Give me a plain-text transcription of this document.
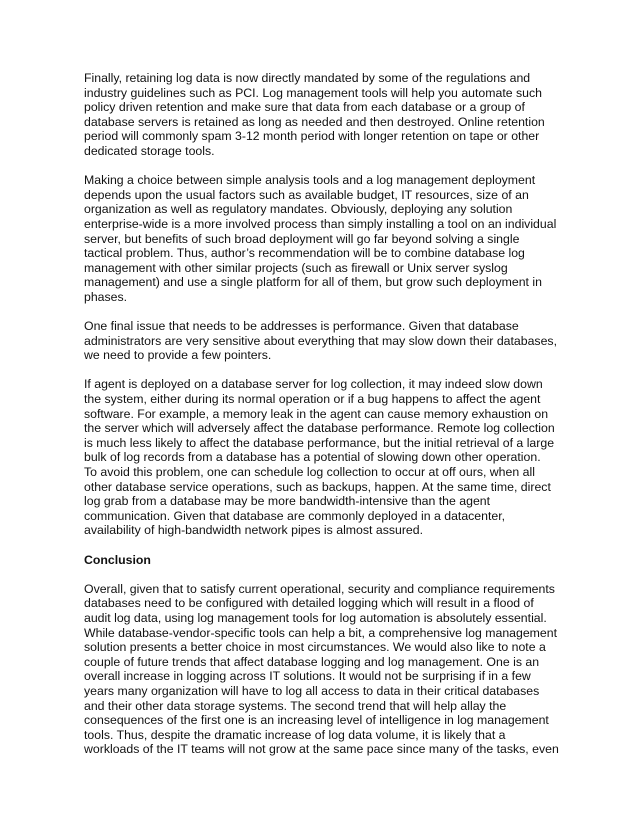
Finally, retaining log data is now directly mandated by some of the regulations and
industry guidelines such as PCI. Log management tools will help you automate such
policy driven retention and make sure that data from each database or a group of
database servers is retained as long as needed and then destroyed. Online retention
period will commonly spam 3-12 month period with longer retention on tape or other
dedicated storage tools.

Making a choice between simple analysis tools and a log management deployment
depends upon the usual factors such as available budget, IT resources, size of an
organization as well as regulatory mandates. Obviously, deploying any solution
enterprise-wide is a more involved process than simply installing a tool on an individual
server, but benefits of such broad deployment will go far beyond solving a single
tactical problem. Thus, author’s recommendation will be to combine database log
management with other similar projects (such as firewall or Unix server syslog
management) and use a single platform for all of them, but grow such deployment in
phases.

One final issue that needs to be addresses is performance. Given that database
administrators are very sensitive about everything that may slow down their databases,
we need to provide a few pointers.

If agent is deployed on a database server for log collection, it may indeed slow down
the system, either during its normal operation or if a bug happens to affect the agent
software. For example, a memory leak in the agent can cause memory exhaustion on
the server which will adversely affect the database performance. Remote log collection
is much less likely to affect the database performance, but the initial retrieval of a large
bulk of log records from a database has a potential of slowing down other operation.
To avoid this problem, one can schedule log collection to occur at off ours, when all
other database service operations, such as backups, happen. At the same time, direct
log grab from a database may be more bandwidth-intensive than the agent
communication. Given that database are commonly deployed in a datacenter,
availability of high-bandwidth network pipes is almost assured.

Conclusion

Overall, given that to satisfy current operational, security and compliance requirements
databases need to be configured with detailed logging which will result in a flood of
audit log data, using log management tools for log automation is absolutely essential.
While database-vendor-specific tools can help a bit, a comprehensive log management
solution presents a better choice in most circumstances. We would also like to note a
couple of future trends that affect database logging and log management. One is an
overall increase in logging across IT solutions. It would not be surprising if in a few
years many organization will have to log all access to data in their critical databases
and their other data storage systems. The second trend that will help allay the
consequences of the first one is an increasing level of intelligence in log management
tools. Thus, despite the dramatic increase of log data volume, it is likely that a
workloads of the IT teams will not grow at the same pace since many of the tasks, even
